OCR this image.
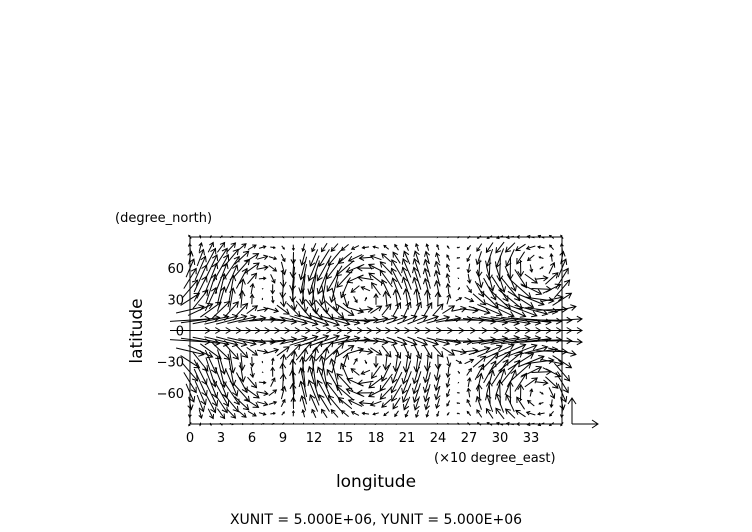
0 3 6 9 12 15 18 21 24 27 30 33
−60
−30
0
30
60
(degree_north)
(×10 degree_east)
longitude
latitude
XUNIT = 5.000E+06, YUNIT = 5.000E+06
